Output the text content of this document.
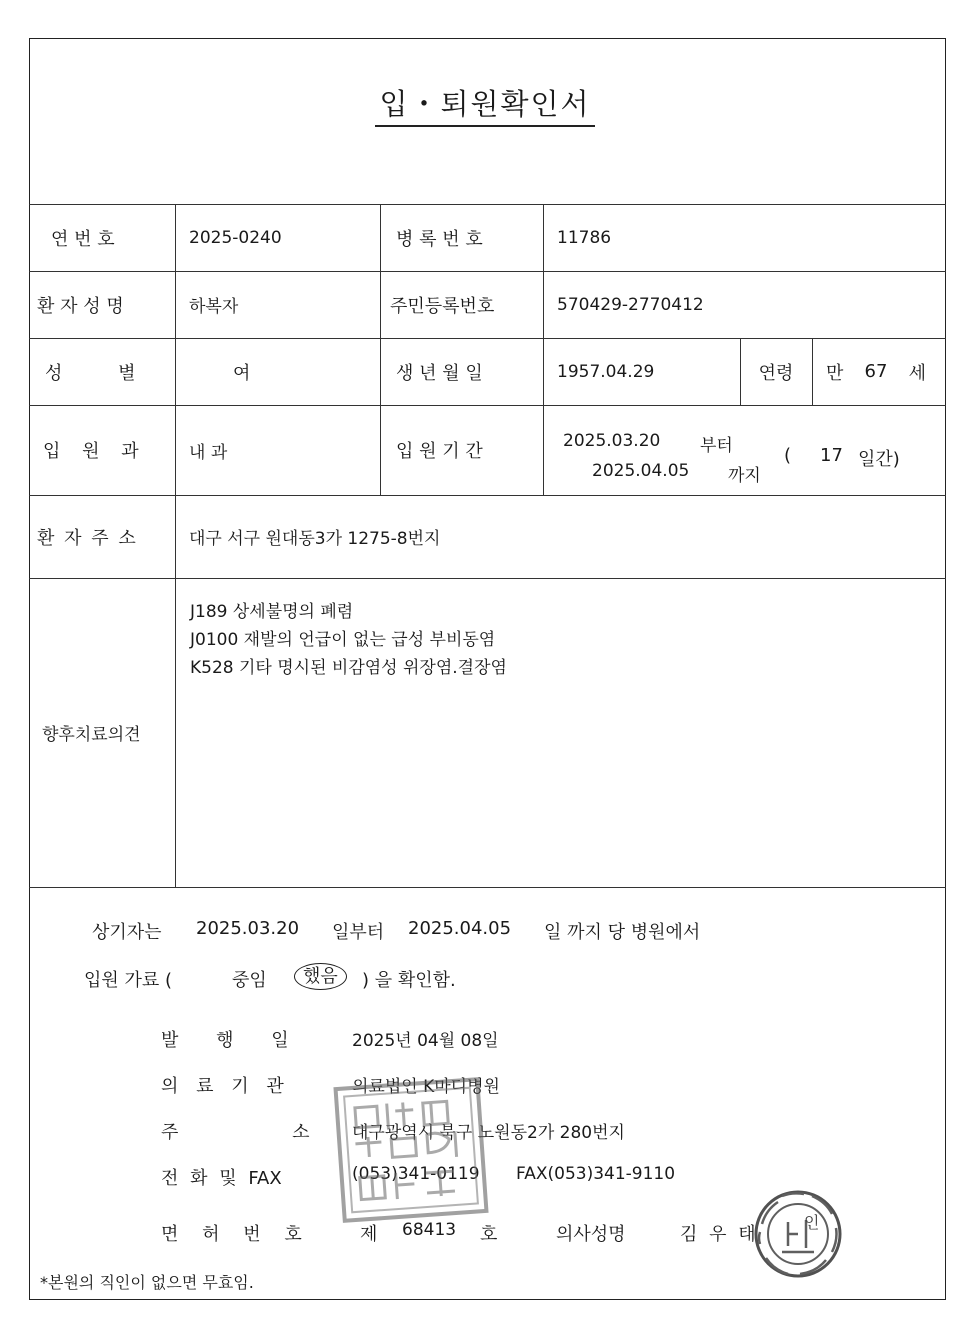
입・퇴원확인서
연 번 호	2025-0240	병 록 번 호	11786
환 자 성 명	하복자	주민등록번호	570429-2770412
성 별	여	생 년 월 일	1957.04.29	연령	만 67 세
입 원 과	내 과	입 원 기 간	2025.03.20 부터
2025.04.05 까지
( 17 일간)
환 자 주 소	대구 서구 원대동3가 1275-8번지
향후치료의견
J189 상세불명의 폐렴
J0100 재발의 언급이 없는 급성 부비동염
K528 기타 명시된 비감염성 위장염.결장염
상기자는 2025.03.20 일부터 2025.04.05 일 까지 당 병원에서
입원 가료 (	중임	했음	) 을 확인함.
발 행 일	2025년 04월 08일
의 료 기 관	의료법인 K마디병원
주 소	대구광역시 북구 노원동2가 280번지
전 화 및 FAX	(053)341-0119 FAX(053)341-9110
면 허 번 호	제 68413 호	의사성명	김 우 태
인
*본원의 직인이 없으면 무효임.
